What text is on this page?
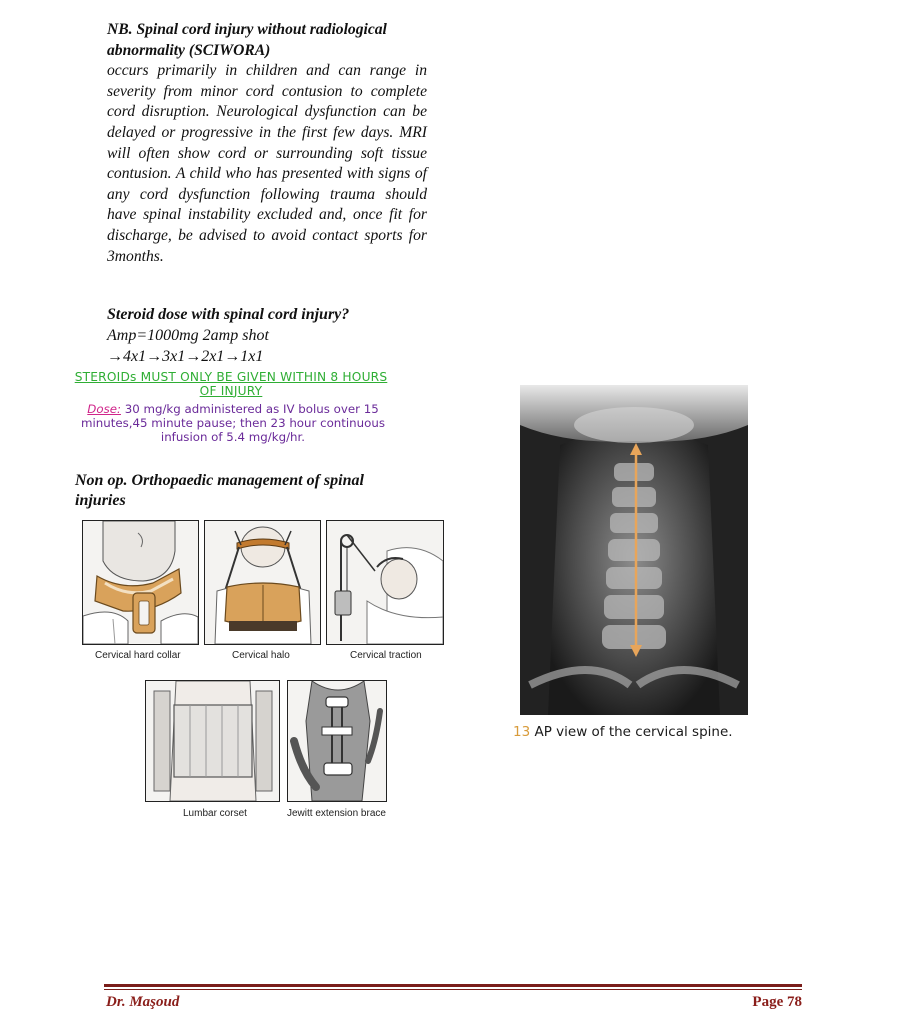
NB. Spinal cord injury without radiological abnormality (SCIWORA)

occurs primarily in children and can range in severity from minor cord contusion to complete cord disruption. Neurological dysfunction can be delayed or progressive in the first few days. MRI will often show cord or surrounding soft tissue contusion. A child who has presented with signs of any cord dysfunction following trauma should have spinal instability excluded and, once fit for discharge, be advised to avoid contact sports for 3months.

Steroid dose with spinal cord injury?

Amp=1000mg 2amp shot

→4x1→3x1→2x1→1x1

STEROIDs MUST ONLY BE GIVEN WITHIN 8 HOURS OF INJURY
Dose: 30 mg/kg administered as IV bolus over 15 minutes,45 minute pause; then 23 hour continuous infusion of 5.4 mg/kg/hr.

Non op. Orthopaedic management of spinal injuries

Cervical hard collar	Cervical halo	Cervical traction
Lumbar corset	Jewitt extension brace
13 AP view of the cervical spine.
Dr. Maşoud	Page 78
